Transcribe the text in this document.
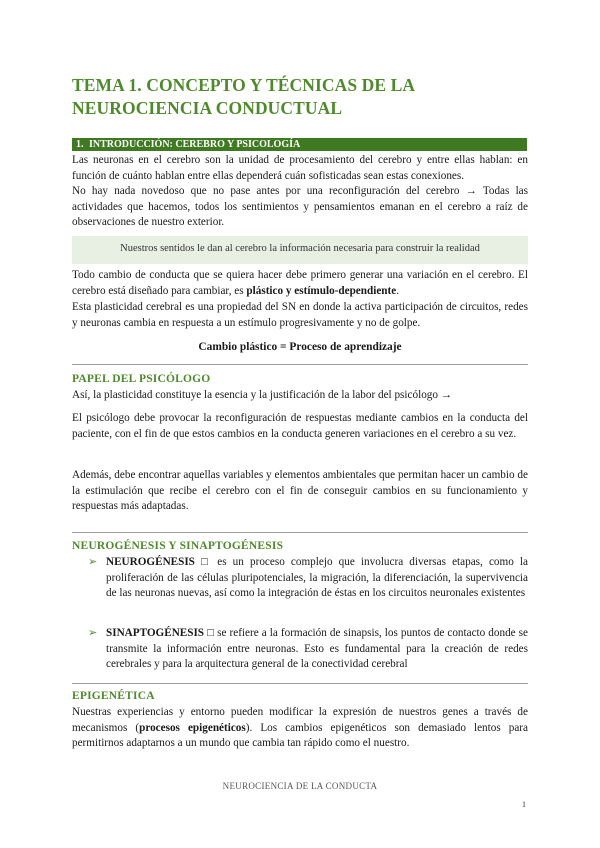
TEMA 1. CONCEPTO Y TÉCNICAS DE LA NEUROCIENCIA CONDUCTUAL
1. INTRODUCCIÓN: CEREBRO Y PSICOLOGÍA
Las neuronas en el cerebro son la unidad de procesamiento del cerebro y entre ellas hablan: en función de cuánto hablan entre ellas dependerá cuán sofisticadas sean estas conexiones.
No hay nada novedoso que no pase antes por una reconfiguración del cerebro → Todas las actividades que hacemos, todos los sentimientos y pensamientos emanan en el cerebro a raíz de observaciones de nuestro exterior.
Nuestros sentidos le dan al cerebro la información necesaria para construir la realidad
Todo cambio de conducta que se quiera hacer debe primero generar una variación en el cerebro. El cerebro está diseñado para cambiar, es plástico y estímulo-dependiente.
Esta plasticidad cerebral es una propiedad del SN en donde la activa participación de circuitos, redes y neuronas cambia en respuesta a un estímulo progresivamente y no de golpe.
Cambio plástico = Proceso de aprendizaje
PAPEL DEL PSICÓLOGO
Así, la plasticidad constituye la esencia y la justificación de la labor del psicólogo →
El psicólogo debe provocar la reconfiguración de respuestas mediante cambios en la conducta del paciente, con el fin de que estos cambios en la conducta generen variaciones en el cerebro a su vez.
Además, debe encontrar aquellas variables y elementos ambientales que permitan hacer un cambio de la estimulación que recibe el cerebro con el fin de conseguir cambios en su funcionamiento y respuestas más adaptadas.
NEUROGÉNESIS Y SINAPTOGÉNESIS
➢ NEUROGÉNESIS □ es un proceso complejo que involucra diversas etapas, como la proliferación de las células pluripotenciales, la migración, la diferenciación, la supervivencia de las neuronas nuevas, así como la integración de éstas en los circuitos neuronales existentes
➢ SINAPTOGÉNESIS □ se refiere a la formación de sinapsis, los puntos de contacto donde se transmite la información entre neuronas. Esto es fundamental para la creación de redes cerebrales y para la arquitectura general de la conectividad cerebral
EPIGENÉTICA
Nuestras experiencias y entorno pueden modificar la expresión de nuestros genes a través de mecanismos (procesos epigenéticos). Los cambios epigenéticos son demasiado lentos para permitirnos adaptarnos a un mundo que cambia tan rápido como el nuestro.
NEUROCIENCIA DE LA CONDUCTA
1
